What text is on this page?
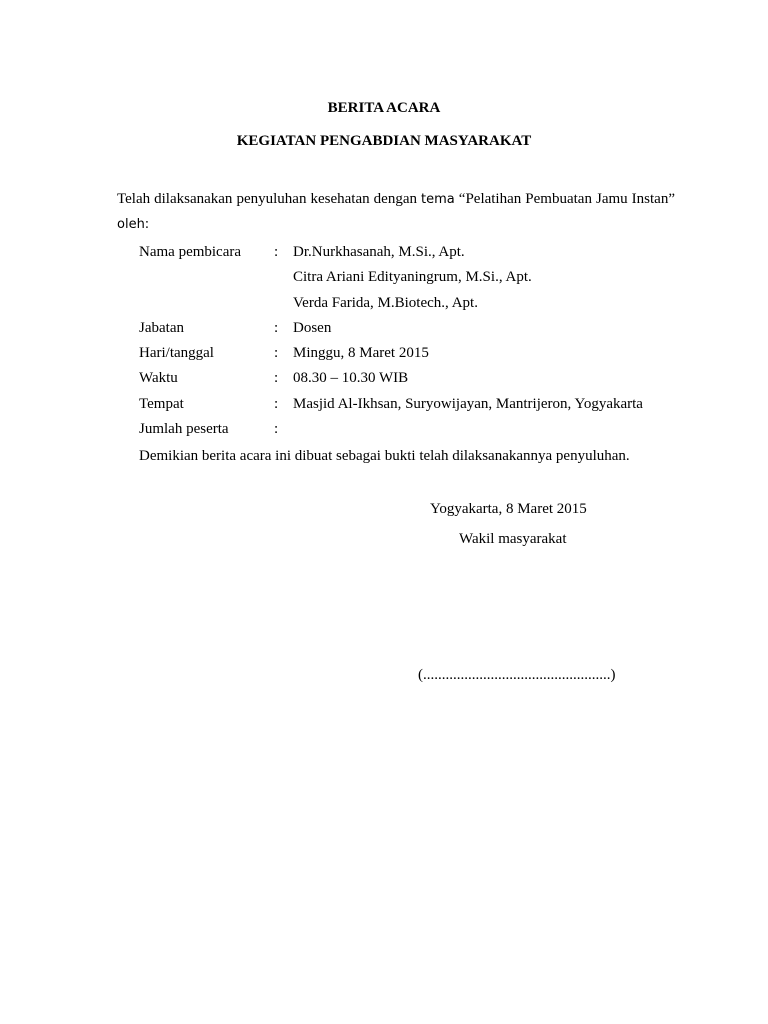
BERITA ACARA

KEGIATAN PENGABDIAN MASYARAKAT

Telah dilaksanakan penyuluhan kesehatan dengan tema “Pelatihan Pembuatan Jamu Instan” oleh:

Nama pembicara : Dr.Nurkhasanah, M.Si., Apt.
Citra Ariani Edityaningrum, M.Si., Apt.
Verda Farida, M.Biotech., Apt.
Jabatan	: Dosen
Hari/tanggal	: Minggu, 8 Maret 2015
Waktu	: 08.30 – 10.30 WIB
Tempat	: Masjid Al-Ikhsan, Suryowijayan, Mantrijeron, Yogyakarta
Jumlah peserta	:

Demikian berita acara ini dibuat sebagai bukti telah dilaksanakannya penyuluhan.

Yogyakarta, 8 Maret 2015

Wakil masyarakat

(..................................................)
